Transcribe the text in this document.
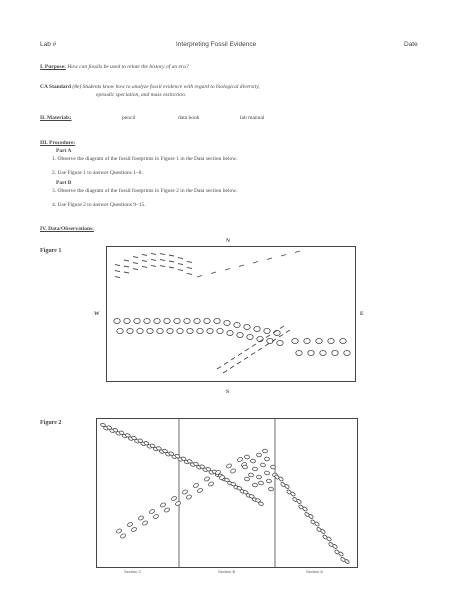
Lab #	Interpreting Fossil Evidence	Date
I. Purpose: How can fossils be used to relate the history of an era?
CA Standard (8e) Students know how to analyze fossil evidence with regard to biological diversity,
episodic speciation, and mass extinction.
II. Materials:	pencil	data book	lab manual
III. Procedure:
Part A
1. Observe the diagram of the fossil footprints in Figure 1 in the Data section below.
2. Use Figure 1 to answer Questions 1–8.
Part B
3. Observe the diagram of the fossil footprints in Figure 2 in the Data section below.
4. Use Figure 2 to answer Questions 9–15.
IV. Data/Observations:
Figure 1
N
S
W	E
Figure 2
Section C	Section B	Section A
